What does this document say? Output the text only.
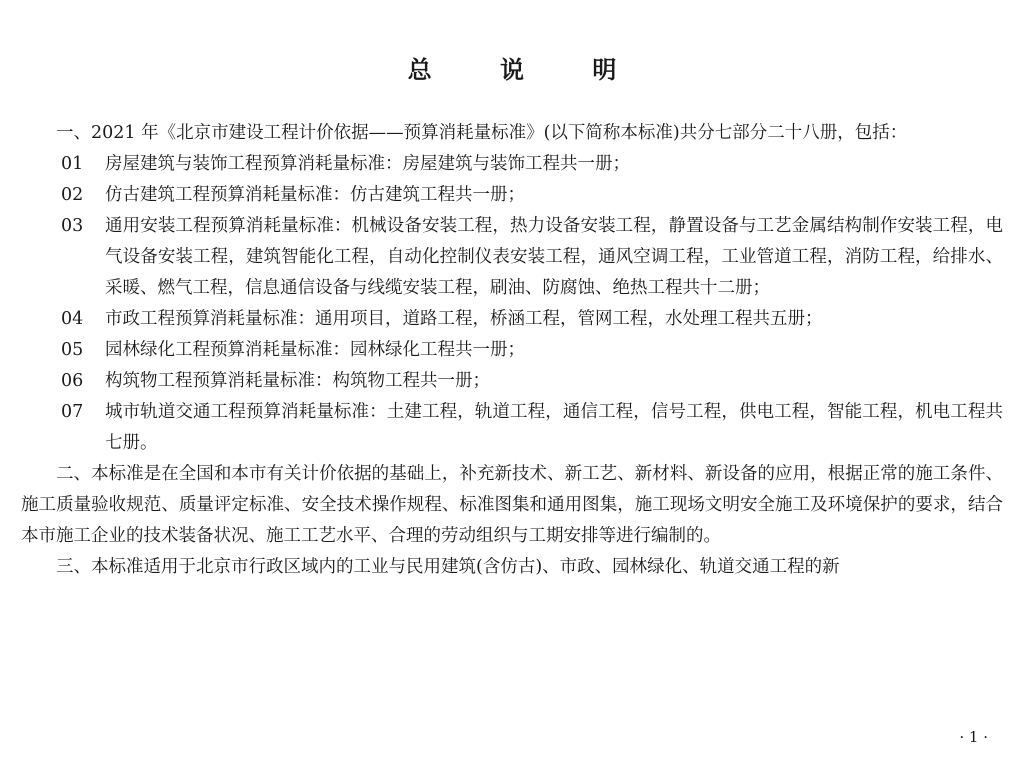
总 说 明

一、2021 年《北京市建设工程计价依据——预算消耗量标准》(以下简称本标准)共分七部分二十八册，包括：

01	房屋建筑与装饰工程预算消耗量标准：房屋建筑与装饰工程共一册；
02	仿古建筑工程预算消耗量标准：仿古建筑工程共一册；
03	通用安装工程预算消耗量标准：机械设备安装工程，热力设备安装工程，静置设备与工艺金属结构制作安装工程，电气设备安装工程，建筑智能化工程，自动化控制仪表安装工程，通风空调工程，工业管道工程，消防工程，给排水、采暖、燃气工程，信息通信设备与线缆安装工程，刷油、防腐蚀、绝热工程共十二册；
04	市政工程预算消耗量标准：通用项目，道路工程，桥涵工程，管网工程，水处理工程共五册；
05	园林绿化工程预算消耗量标准：园林绿化工程共一册；
06	构筑物工程预算消耗量标准：构筑物工程共一册；
07	城市轨道交通工程预算消耗量标准：土建工程，轨道工程，通信工程，信号工程，供电工程，智能工程，机电工程共七册。

二、本标准是在全国和本市有关计价依据的基础上，补充新技术、新工艺、新材料、新设备的应用，根据正常的施工条件、施工质量验收规范、质量评定标准、安全技术操作规程、标准图集和通用图集，施工现场文明安全施工及环境保护的要求，结合本市施工企业的技术装备状况、施工工艺水平、合理的劳动组织与工期安排等进行编制的。

三、本标准适用于北京市行政区域内的工业与民用建筑(含仿古)、市政、园林绿化、轨道交通工程的新

· 1 ·
